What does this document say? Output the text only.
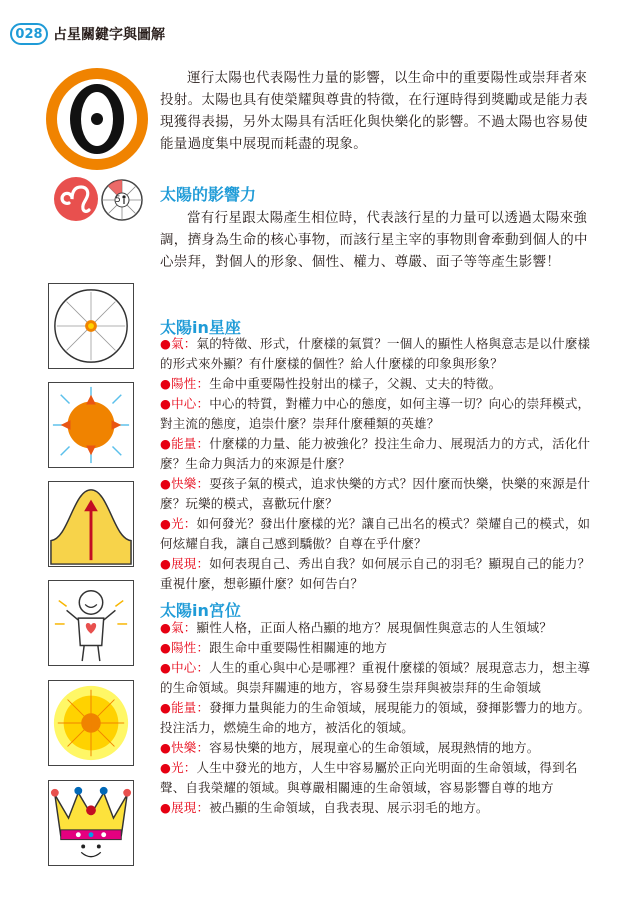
028 占星關鍵字與圖解
5

運行太陽也代表陽性力量的影響，以生命中的重要陽性或崇拜者來投射。太陽也具有使榮耀與尊貴的特徵，在行運時得到獎勵或是能力表現獲得表揚，另外太陽具有活旺化與快樂化的影響。不過太陽也容易使能量過度集中展現而耗盡的現象。

太陽的影響力

當有行星跟太陽產生相位時，代表該行星的力量可以透過太陽來強調，擠身為生命的核心事物，而該行星主宰的事物則會牽動到個人的中心崇拜，對個人的形象、個性、權力、尊嚴、面子等等產生影響！

太陽in星座
●氣：氣的特徵、形式，什麼樣的氣質？一個人的顯性人格與意志是以什麼樣的形式來外顯？有什麼樣的個性？給人什麼樣的印象與形象？
●陽性：生命中重要陽性投射出的樣子，父親、丈夫的特徵。
●中心：中心的特質，對權力中心的態度，如何主導一切？向心的崇拜模式，對主流的態度，追崇什麼？崇拜什麼種類的英雄？
●能量：什麼樣的力量、能力被強化？投注生命力、展現活力的方式，活化什麼？生命力與活力的來源是什麼？
●快樂：耍孩子氣的模式，追求快樂的方式？因什麼而快樂，快樂的來源是什麼？玩樂的模式，喜歡玩什麼？
●光：如何發光？發出什麼樣的光？讓自己出名的模式？榮耀自己的模式，如何炫耀自我，讓自己感到驕傲？自尊在乎什麼？
●展現：如何表現自己、秀出自我？如何展示自己的羽毛？顯現自己的能力？重視什麼，想彰顯什麼？如何告白？
太陽in宮位
●氣：顯性人格，正面人格凸顯的地方？展現個性與意志的人生領域？
●陽性：跟生命中重要陽性相關連的地方
●中心：人生的重心與中心是哪裡？重視什麼樣的領域？展現意志力，想主導的生命領域。與崇拜關連的地方，容易發生崇拜與被崇拜的生命領域
●能量：發揮力量與能力的生命領域，展現能力的領域，發揮影響力的地方。投注活力，燃燒生命的地方，被活化的領域。
●快樂：容易快樂的地方，展現童心的生命領域，展現熱情的地方。
●光：人生中發光的地方，人生中容易屬於正向光明面的生命領域，得到名聲、自我榮耀的領域。與尊嚴相關連的生命領域，容易影響自尊的地方
●展現：被凸顯的生命領域，自我表現、展示羽毛的地方。
